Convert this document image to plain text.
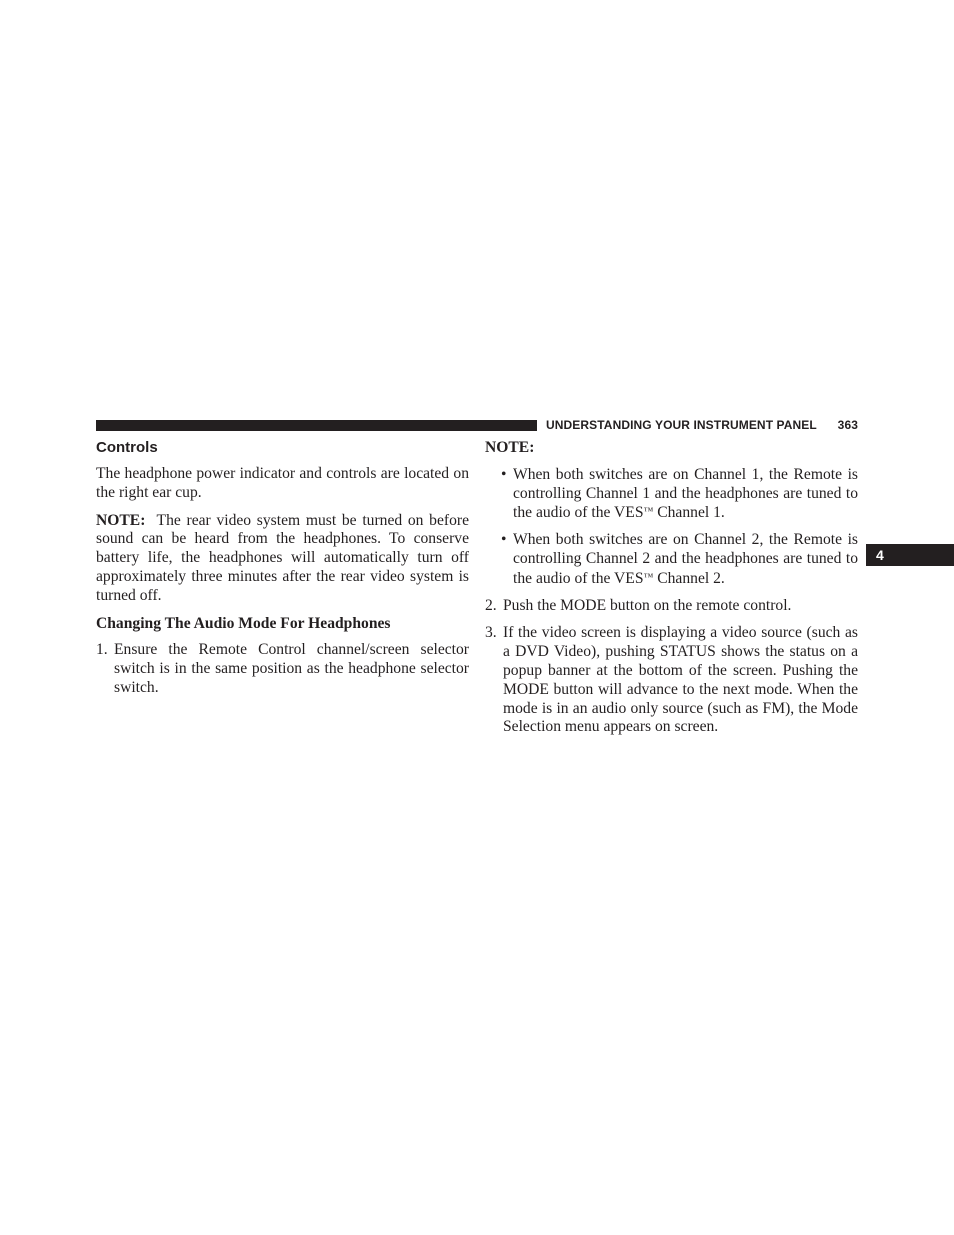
UNDERSTANDING YOUR INSTRUMENT PANEL 363
4
Controls

The headphone power indicator and controls are located on the right ear cup.

NOTE: The rear video system must be turned on before sound can be heard from the headphones. To conserve battery life, the headphones will automatically turn off approximately three minutes after the rear video system is turned off.

Changing The Audio Mode For Headphones
1. Ensure the Remote Control channel/screen selector switch is in the same position as the headphone selector switch.
NOTE:
• When both switches are on Channel 1, the Remote is controlling Channel 1 and the headphones are tuned to the audio of the VES™ Channel 1.
• When both switches are on Channel 2, the Remote is controlling Channel 2 and the headphones are tuned to the audio of the VES™ Channel 2.
2. Push the MODE button on the remote control.
3. If the video screen is displaying a video source (such as a DVD Video), pushing STATUS shows the status on a popup banner at the bottom of the screen. Pushing the MODE button will advance to the next mode. When the mode is in an audio only source (such as FM), the Mode Selection menu appears on screen.
